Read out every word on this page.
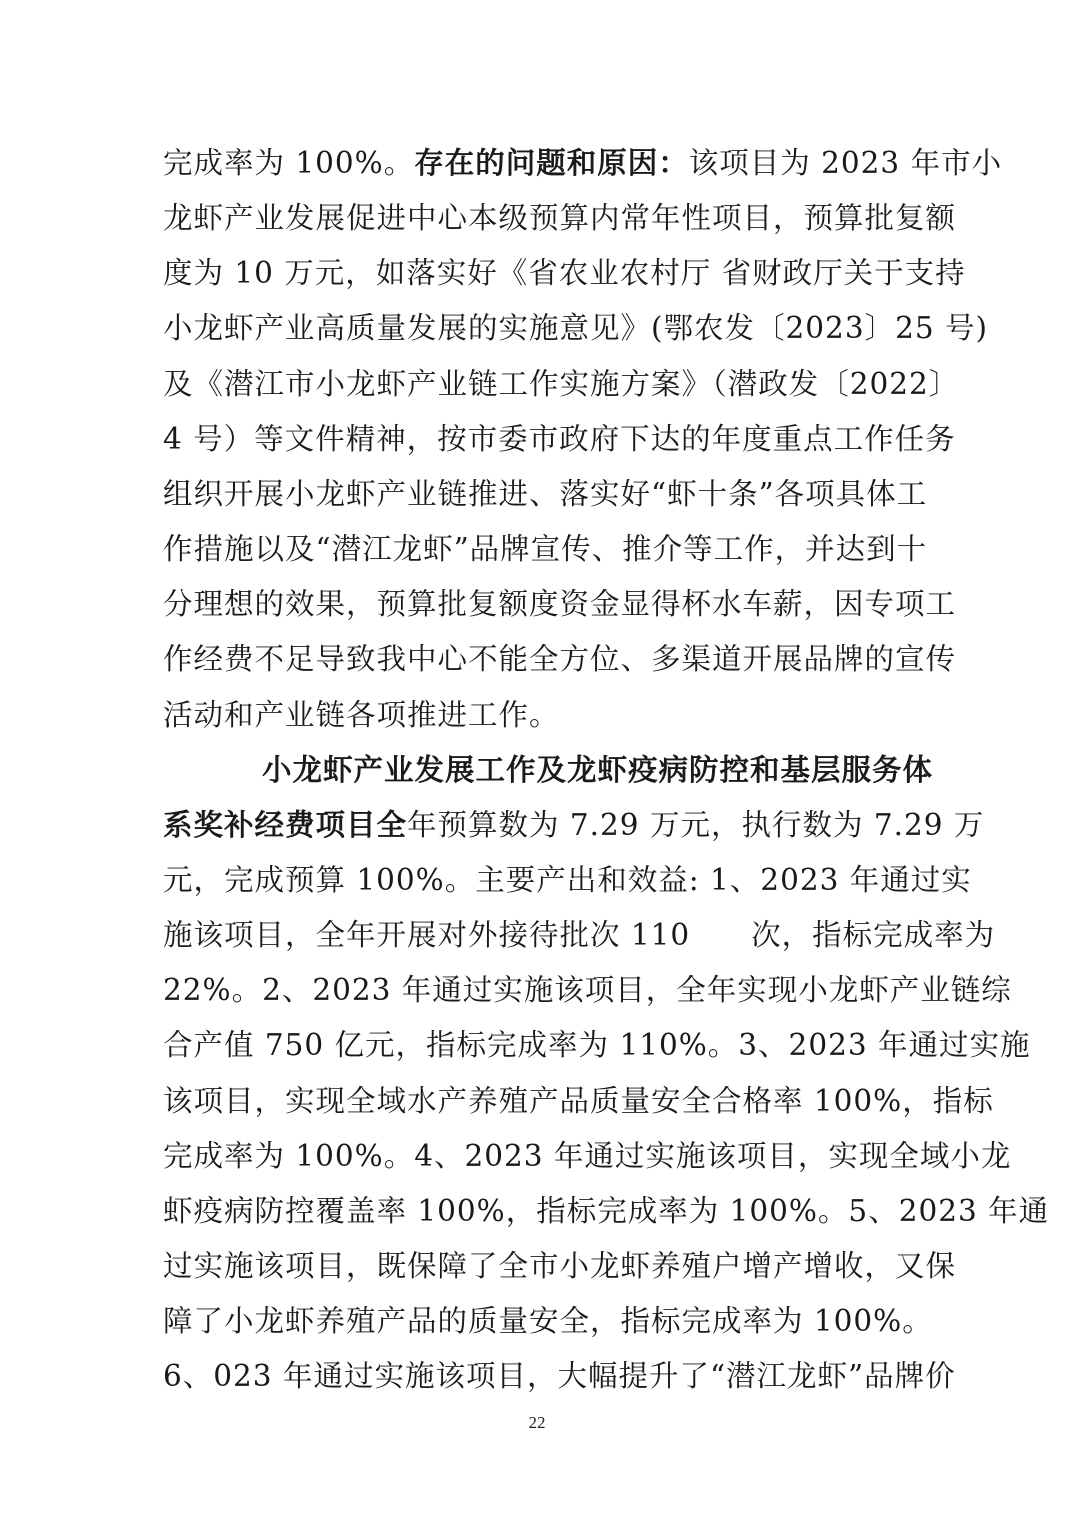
完成率为 100%。存在的问题和原因：该项目为 2023 年市小
龙虾产业发展促进中心本级预算内常年性项目，预算批复额
度为 10 万元，如落实好《省农业农村厅 省财政厅关于支持
小龙虾产业高质量发展的实施意见》(鄂农发〔2023〕25 号)
及《潜江市小龙虾产业链工作实施方案》（潜政发〔2022〕
4 号）等文件精神，按市委市政府下达的年度重点工作任务
组织开展小龙虾产业链推进、落实好“虾十条”各项具体工
作措施以及“潜江龙虾”品牌宣传、推介等工作，并达到十
分理想的效果，预算批复额度资金显得杯水车薪，因专项工
作经费不足导致我中心不能全方位、多渠道开展品牌的宣传
活动和产业链各项推进工作。
小龙虾产业发展工作及龙虾疫病防控和基层服务体
系奖补经费项目全年预算数为 7.29 万元，执行数为 7.29 万
元，完成预算 100%。主要产出和效益: 1、2023 年通过实
施该项目，全年开展对外接待批次 110　　次，指标完成率为
22%。2、2023 年通过实施该项目，全年实现小龙虾产业链综
合产值 750 亿元，指标完成率为 110%。3、2023 年通过实施
该项目，实现全域水产养殖产品质量安全合格率 100%，指标
完成率为 100%。4、2023 年通过实施该项目，实现全域小龙
虾疫病防控覆盖率 100%，指标完成率为 100%。5、2023 年通
过实施该项目，既保障了全市小龙虾养殖户增产增收，又保
障了小龙虾养殖产品的质量安全，指标完成率为 100%。
6、023 年通过实施该项目，大幅提升了“潜江龙虾”品牌价
22
